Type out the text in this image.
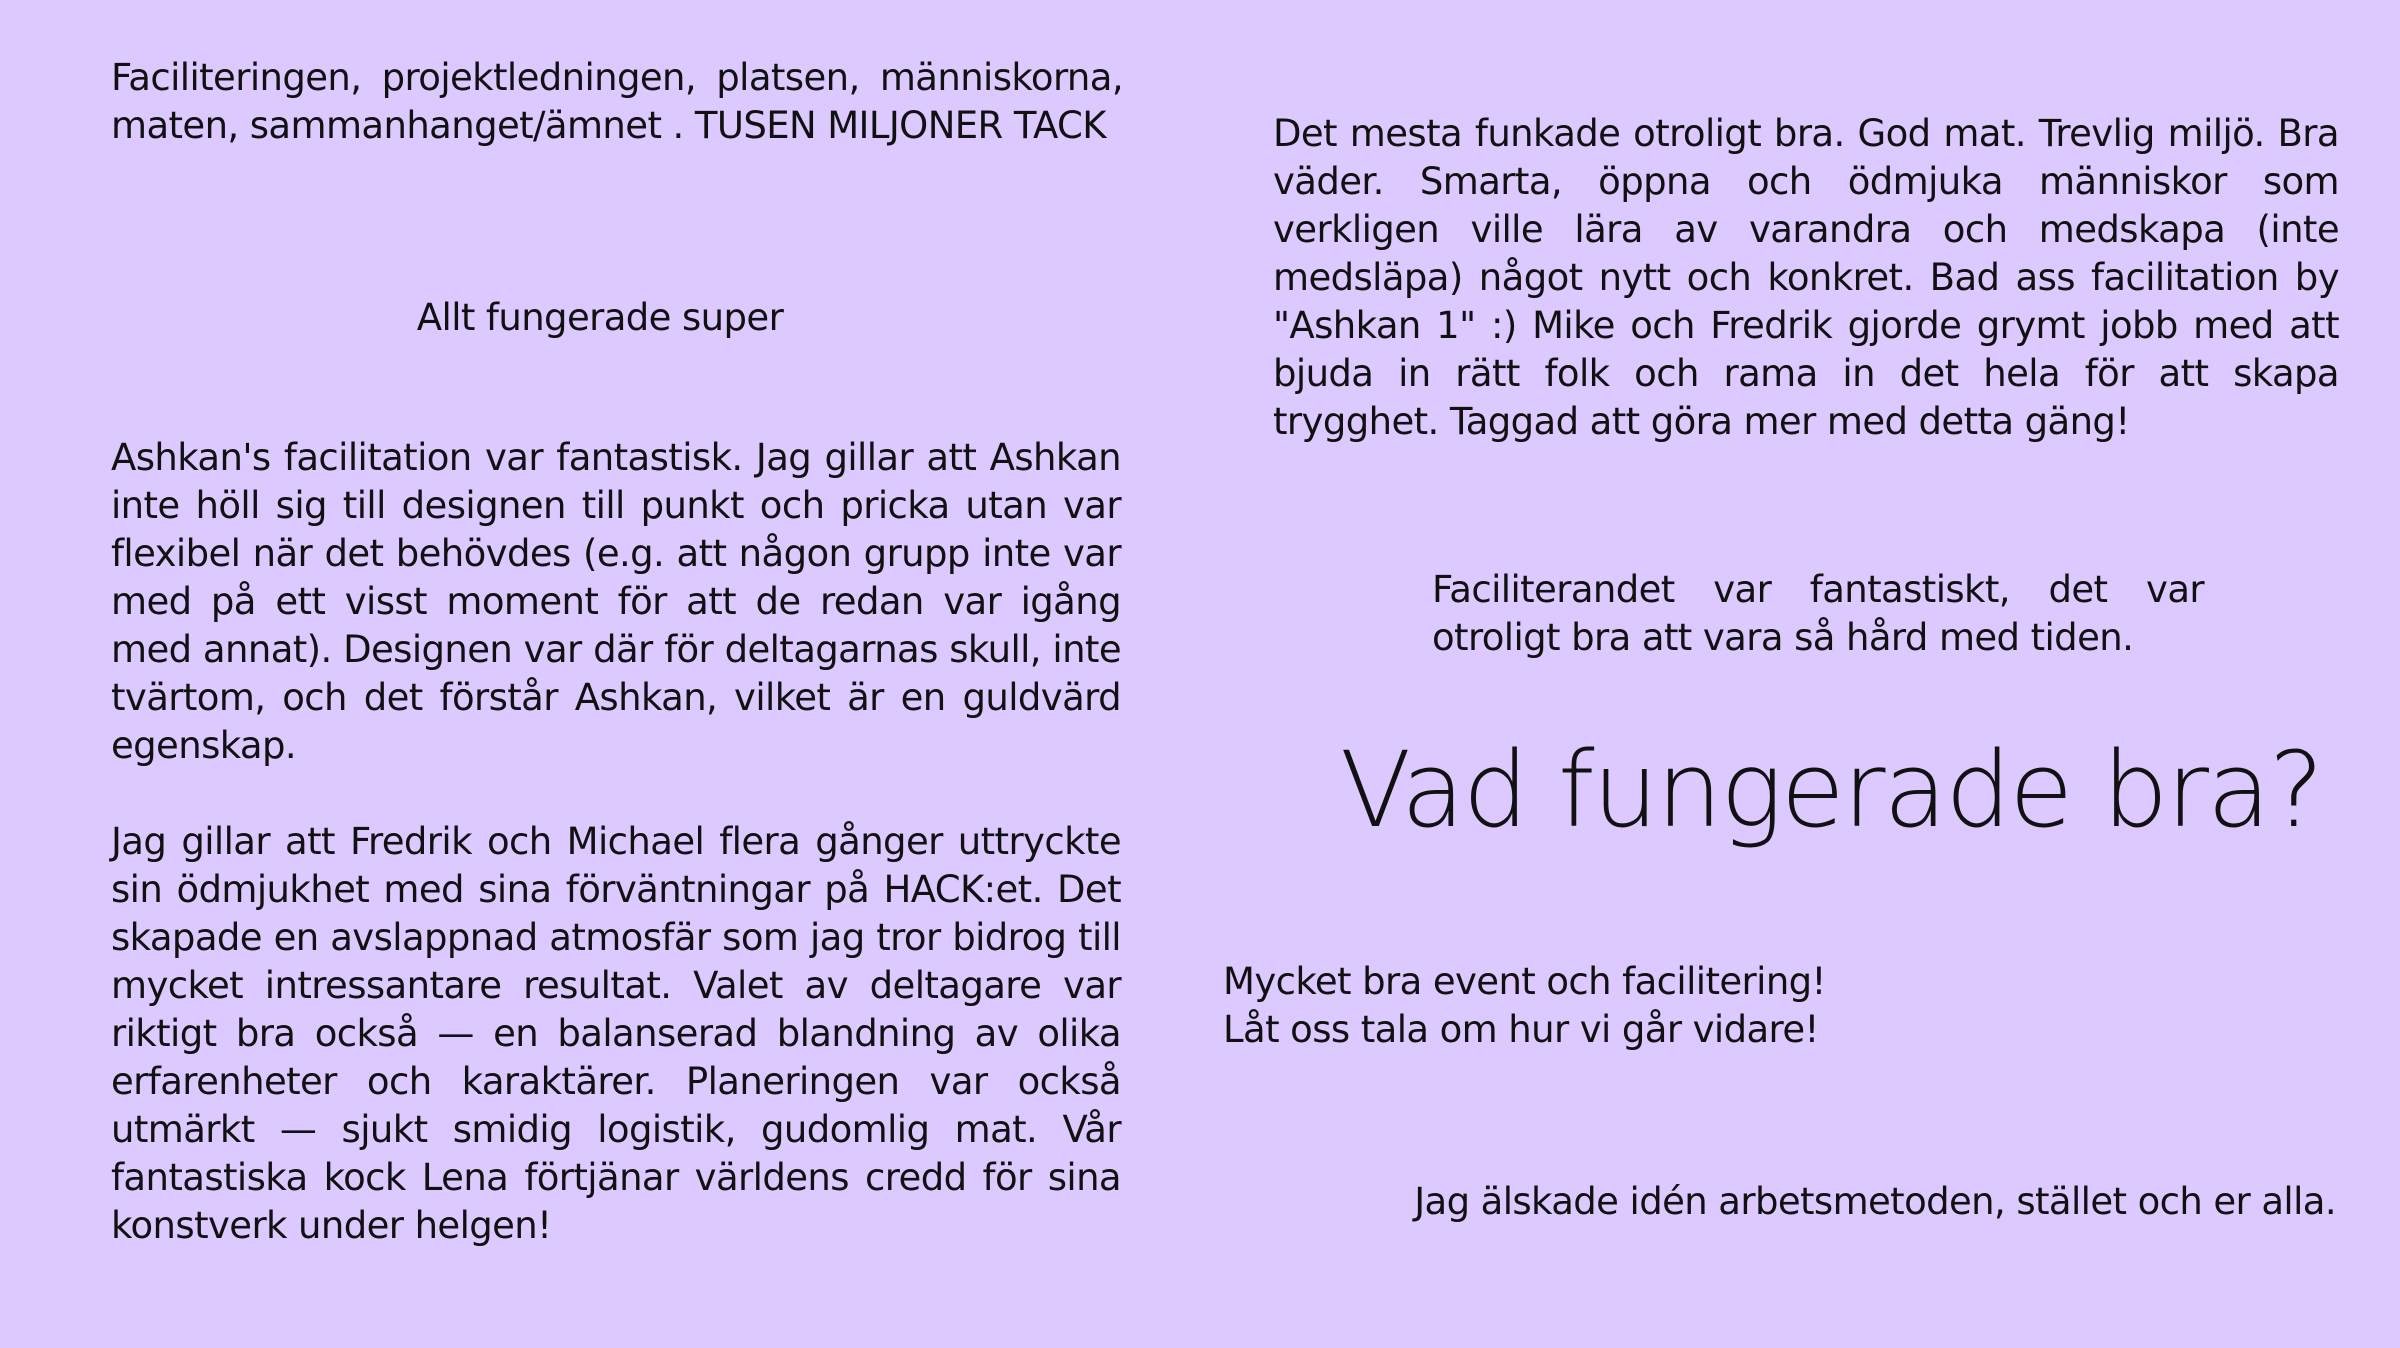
Faciliteringen, projektledningen, platsen, människorna, maten, sammanhanget/ämnet . TUSEN MILJONER TACK

Allt fungerade super

Ashkan's facilitation var fantastisk. Jag gillar att Ashkan inte höll sig till designen till punkt och pricka utan var flexibel när det behövdes (e.g. att någon grupp inte var med på ett visst moment för att de redan var igång med annat). Designen var där för deltagarnas skull, inte tvärtom, och det förstår Ashkan, vilket är en guldvärd egenskap.

Jag gillar att Fredrik och Michael flera gånger uttryckte sin ödmjukhet med sina förväntningar på HACK:et. Det skapade en avslappnad atmosfär som jag tror bidrog till mycket intressantare resultat. Valet av deltagare var riktigt bra också — en balanserad blandning av olika erfarenheter och karaktärer. Planeringen var också utmärkt — sjukt smidig logistik, gudomlig mat. Vår fantastiska kock Lena förtjänar världens credd för sina konstverk under helgen!

Det mesta funkade otroligt bra. God mat. Trevlig miljö. Bra väder. Smarta, öppna och ödmjuka människor som verkligen ville lära av varandra och medskapa (inte medsläpa) något nytt och konkret. Bad ass facilitation by "Ashkan 1" :) Mike och Fredrik gjorde grymt jobb med att bjuda in rätt folk och rama in det hela för att skapa trygghet. Taggad att göra mer med detta gäng!

Faciliterandet var fantastiskt, det var otroligt bra att vara så hård med tiden.

Vad fungerade bra?

Mycket bra event och facilitering!
Låt oss tala om hur vi går vidare!

Jag älskade idén arbetsmetoden, stället och er alla.
